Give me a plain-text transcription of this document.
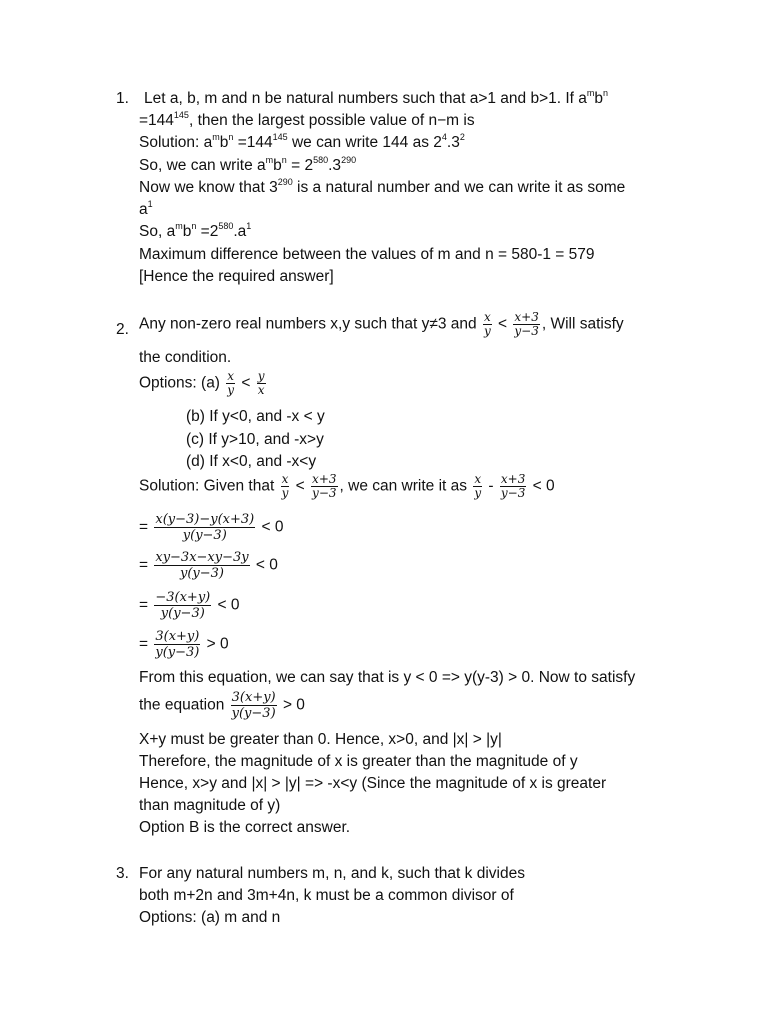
1. Let a, b, m and n be natural numbers such that a>1 and b>1. If $a^mb^n$
$=144^{145}$, then the largest possible value of n−m is
Solution: $a^mb^n =144^{145}$ we can write 144 as $2^4.3^2$
So, we can write $a^mb^n = 2^{580}.3^{290}$
Now we know that $3^{290}$ is a natural number and we can write it as some
$a^1$
So, $a^mb^n =2^{580}.a^1$
Maximum difference between the values of m and n = 580-1 = 579
[Hence the required answer]
2. Any non-zero real numbers x,y such that y≠3 and $\frac{x}{y} < \frac{x+3}{y-3}$ , Will satisfy
the condition.
Options: $(a) \frac{x}{y} < \frac{y}{x}$
(b) If y<0, and -x < y
(c) If y>10, and -x>y
(d) If x<0, and -x<y
Solution: Given that $\frac{x}{y} < \frac{x+3}{y-3}$ , we can write it as $\frac{x}{y} - \frac{x+3}{y-3} < 0$
= $\frac{x(y-3)-y(x+3)}{y(y-3)} < 0$
= $\frac{xy-3x-xy-3y}{y(y-3)} < 0$
= $\frac{-3(x+y)}{y(y-3)} < 0$
= $\frac{3(x+y)}{y(y-3)} > 0$
From this equation, we can say that is y < 0 => y(y-3) > 0. Now to satisfy
the equation $\frac{3(x+y)}{y(y-3)} > 0$
X+y must be greater than 0. Hence, x>0, and |x| > |y|
Therefore, the magnitude of x is greater than the magnitude of y
Hence, x>y and |x| > |y| => -x<y (Since the magnitude of x is greater
than magnitude of y)
Option B is the correct answer.
3. For any natural numbers m, n, and k, such that k divides
both m+2n and 3m+4n, k must be a common divisor of
Options: (a) m and n
